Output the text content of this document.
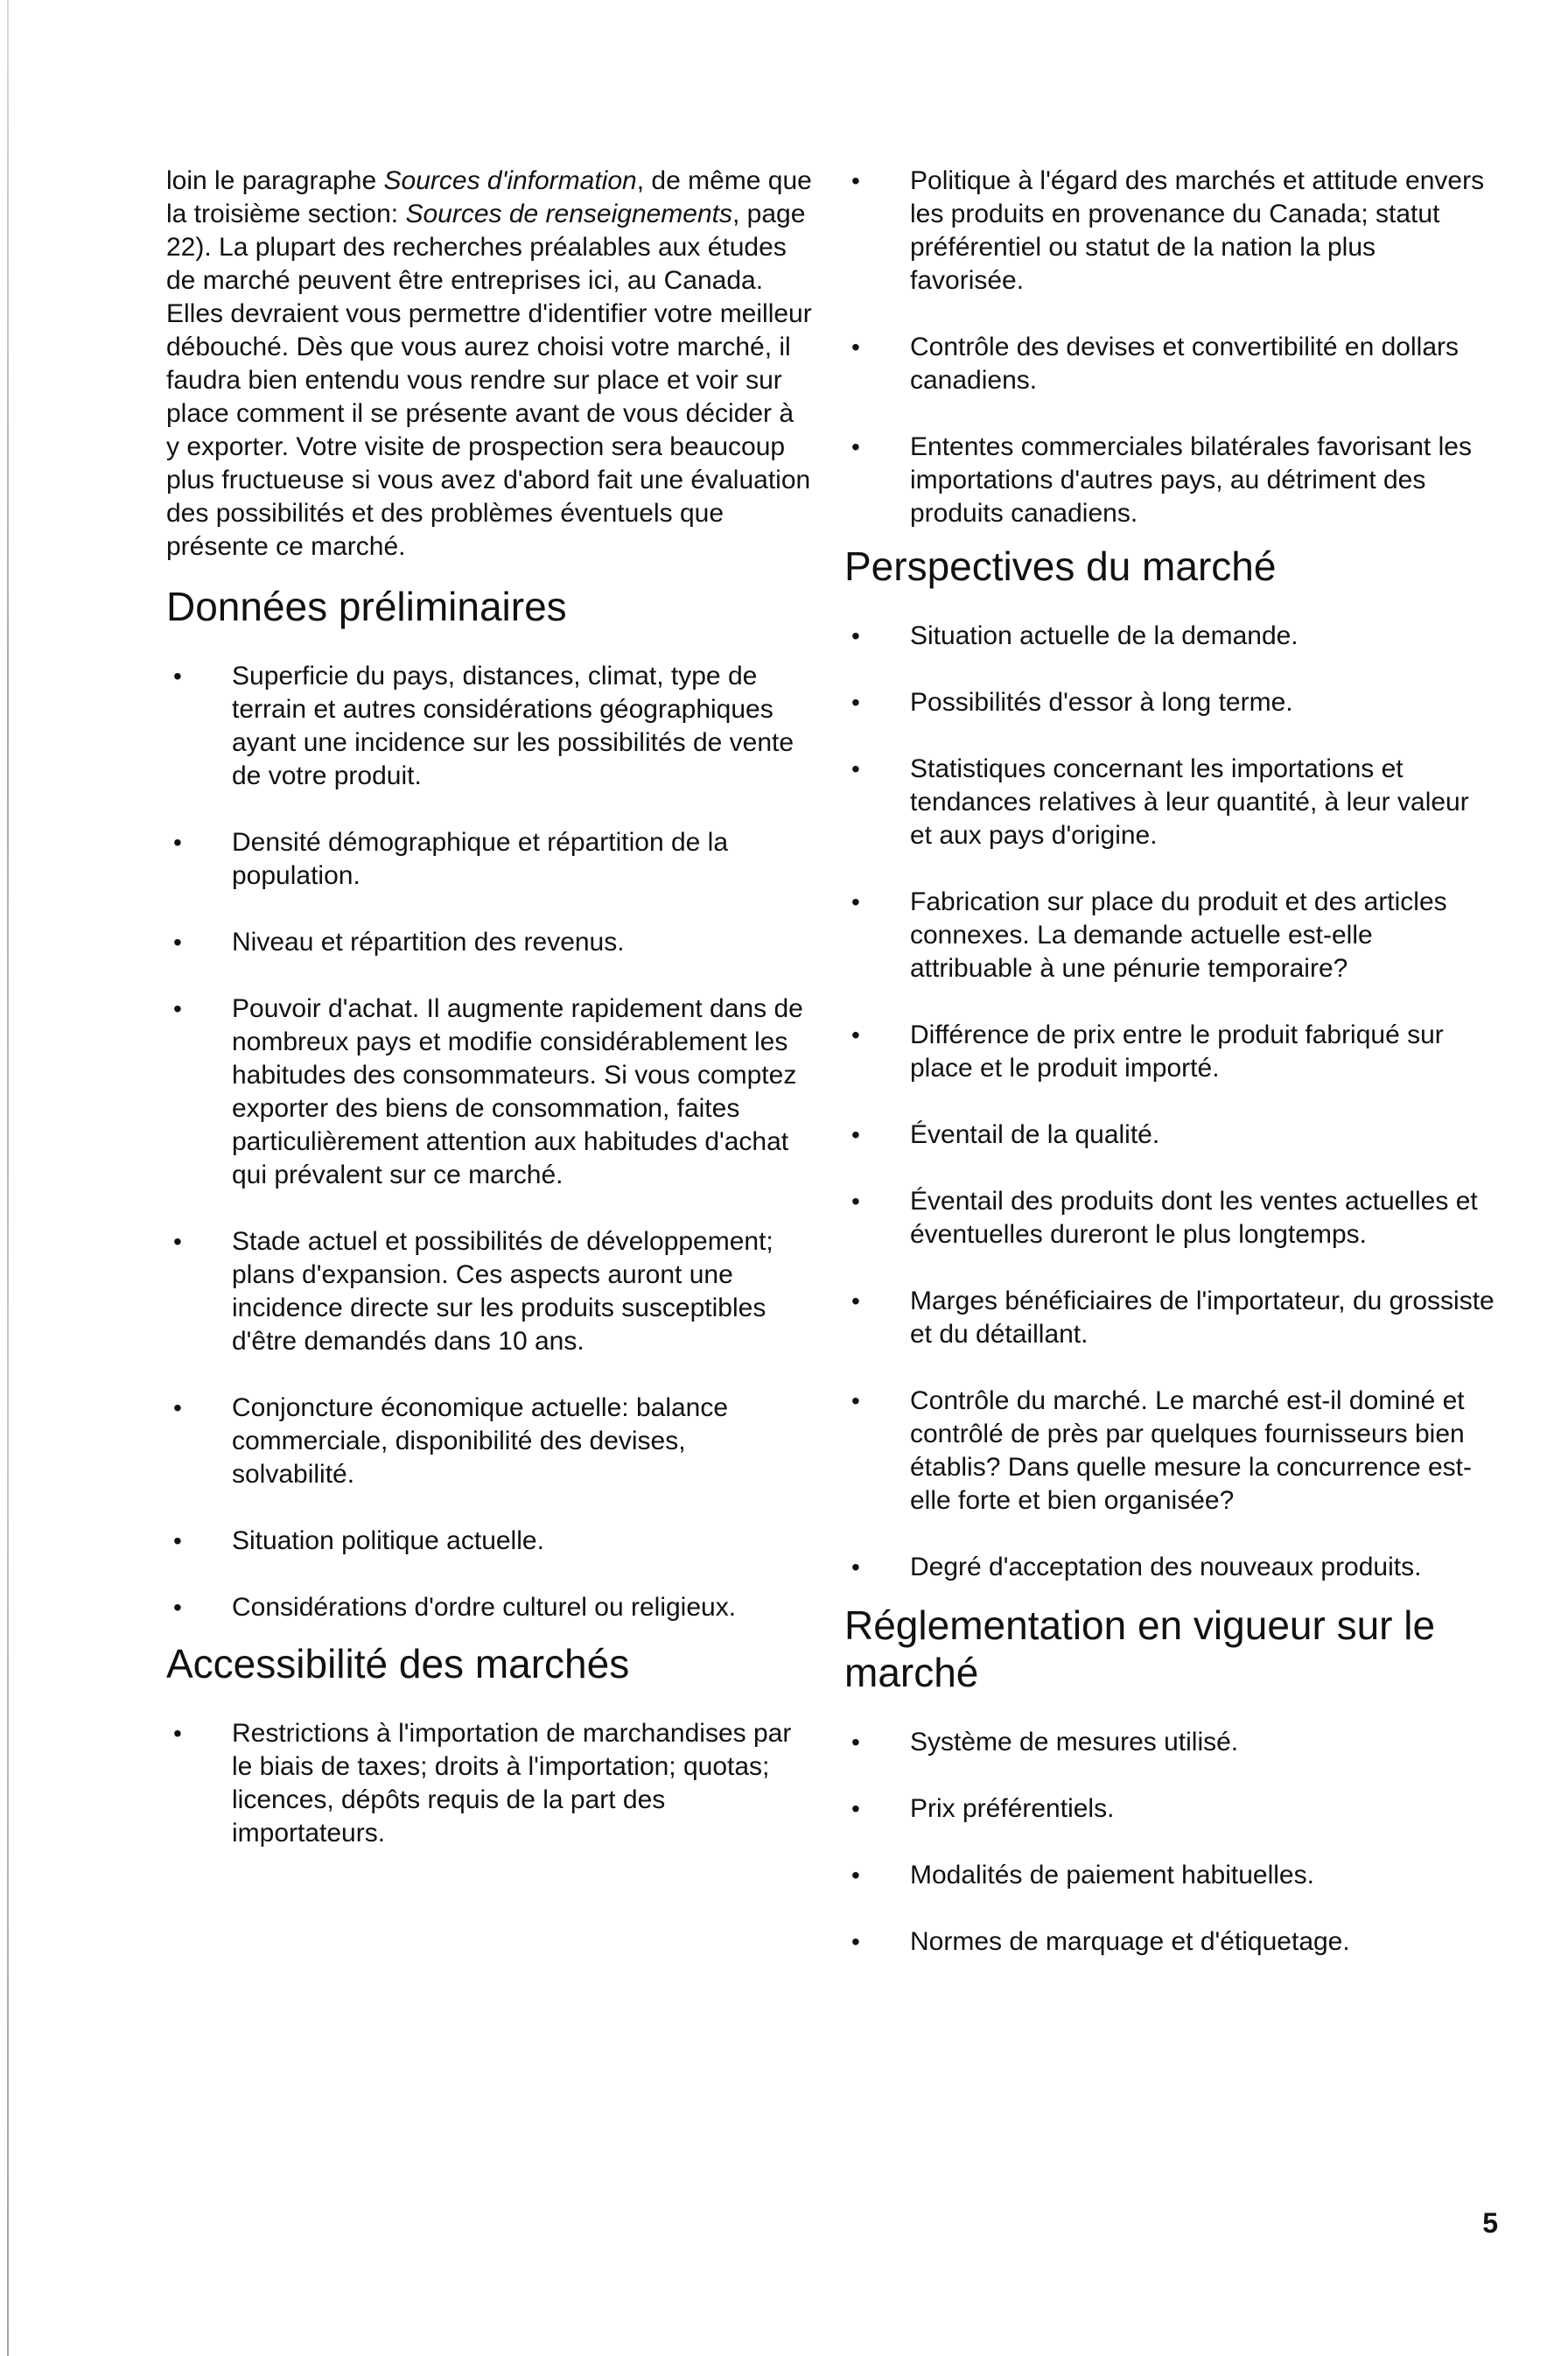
loin le paragraphe Sources d'information, de même que la troisième section: Sources de renseignements, page 22). La plupart des recherches préalables aux études de marché peuvent être entreprises ici, au Canada. Elles devraient vous permettre d'identifier votre meilleur débouché. Dès que vous aurez choisi votre marché, il faudra bien entendu vous rendre sur place et voir sur place comment il se présente avant de vous décider à y exporter. Votre visite de prospection sera beaucoup plus fructueuse si vous avez d'abord fait une évaluation des possibilités et des problèmes éventuels que présente ce marché.

Données préliminaires
• Superficie du pays, distances, climat, type de terrain et autres considérations géographiques ayant une incidence sur les possibilités de vente de votre produit.
• Densité démographique et répartition de la population.
• Niveau et répartition des revenus.
• Pouvoir d'achat. Il augmente rapidement dans de nombreux pays et modifie considérablement les habitudes des consommateurs. Si vous comptez exporter des biens de consommation, faites particulièrement attention aux habitudes d'achat qui prévalent sur ce marché.
• Stade actuel et possibilités de développement; plans d'expansion. Ces aspects auront une incidence directe sur les produits susceptibles d'être demandés dans 10 ans.
• Conjoncture économique actuelle: balance commerciale, disponibilité des devises, solvabilité.
• Situation politique actuelle.
• Considérations d'ordre culturel ou religieux.
Accessibilité des marchés
• Restrictions à l'importation de marchandises par le biais de taxes; droits à l'importation; quotas; licences, dépôts requis de la part des importateurs.
• Politique à l'égard des marchés et attitude envers les produits en provenance du Canada; statut préférentiel ou statut de la nation la plus favorisée.
• Contrôle des devises et convertibilité en dollars canadiens.
• Ententes commerciales bilatérales favorisant les importations d'autres pays, au détriment des produits canadiens.
Perspectives du marché
• Situation actuelle de la demande.
• Possibilités d'essor à long terme.
• Statistiques concernant les importations et tendances relatives à leur quantité, à leur valeur et aux pays d'origine.
• Fabrication sur place du produit et des articles connexes. La demande actuelle est-elle attribuable à une pénurie temporaire?
• Différence de prix entre le produit fabriqué sur place et le produit importé.
• Éventail de la qualité.
• Éventail des produits dont les ventes actuelles et éventuelles dureront le plus longtemps.
• Marges bénéficiaires de l'importateur, du grossiste et du détaillant.
• Contrôle du marché. Le marché est-il dominé et contrôlé de près par quelques fournisseurs bien établis? Dans quelle mesure la concurrence est-elle forte et bien organisée?
• Degré d'acceptation des nouveaux produits.
Réglementation en vigueur sur le marché
• Système de mesures utilisé.
• Prix préférentiels.
• Modalités de paiement habituelles.
• Normes de marquage et d'étiquetage.
5
